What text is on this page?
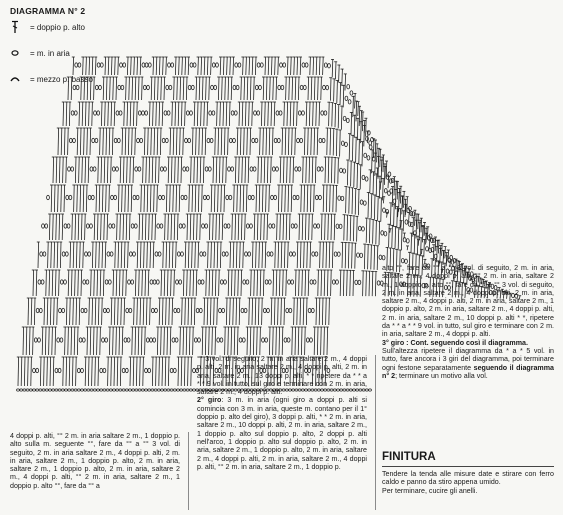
DIAGRAMMA N° 2
= doppio p. alto
= m. in aria
= mezzo p. basso

4 doppi p. alti, °° 2 m. in aria saltare 2 m., 1 doppio p. alto sulla m. seguente °°, fare da °° a °° 3 vol. di seguito, 2 m. in aria saltare 2 m., 4 doppi p. alti, 2 m. in aria, saltare 2 m., 1 doppio p. alto, 2 m. in aria, saltare 2 m., 1 doppio p. alto, 2 m. in aria, saltare 2 m., 4 doppi p. alti, °° 2 m. in aria, saltare 2 m., 1 doppio p. alto °°, fare da °° a

°° 3 vol. di seguito, 2 m. in aria saltare 2 m., 4 doppi p. alti, 2 m. in aria saltare 2 m., 4 doppi p. alti, 2 m. in aria, saltare 2 m., 13 doppi p. alti, * * ripetere da * * a * * 9 vol. in tutto, sul giro e terminare con 2 m. in aria, saltare 2 m., 4 doppi p. alti.

2° giro: 3 m. in aria (ogni giro a doppi p. alti si comincia con 3 m. in aria, queste m. contano per il 1° doppio p. alto del giro), 3 doppi p. alti, * * 2 m. in aria, saltare 2 m., 10 doppi p. alti, 2 m. in aria, saltare 2 m., 1 doppio p. alto sul doppio p. alto, 2 doppi p. alti nell'arco, 1 doppio p. alto sul doppio p. alto, 2 m. in aria, saltare 2 m., 1 doppio p. alto, 2 m. in aria, saltare 2 m., 4 doppi p. alti, 2 m. in aria, saltare 2 m., 4 doppi p. alti, °° 2 m. in aria, saltare 2 m., 1 doppio p.

alto °°, fare da °° a °° 3 vol. di seguito, 2 m. in aria, saltare 2 m., 4 doppi p. alti, °° 2 m. in aria, saltare 2 m., 1 doppio p. alto °°, fare da °° a °° 3 vol. di seguito, 2 m. in aria, saltare 2 m., 4 doppi p. alti, 2 m. in aria, saltare 2 m., 4 doppi p. alti, 2 m. in aria, saltare 2 m., 1 doppio p. alto, 2 m. in aria, saltare 2 m., 4 doppi p. alti, 2 m. in aria, saltare 2 m., 10 doppi p. alti * *, ripetere da * * a * * 9 vol. in tutto, sul giro e terminare con 2 m. in aria, saltare 2 m., 4 doppi p. alti.

3° giro : Cont. seguendo così il diagramma.

Sull'altezza ripetere il diagramma da * a * 5 vol. in tutto, fare ancora i 3 giri del diagramma, poi terminare ogni festone separatamente seguendo il diagramma n° 2; terminare un motivo alla vol.

FINITURA

Tendere la tenda alle misure date e stirare con ferro caldo e panno da stiro appena umido.

Per terminare, cucire gli anelli.
